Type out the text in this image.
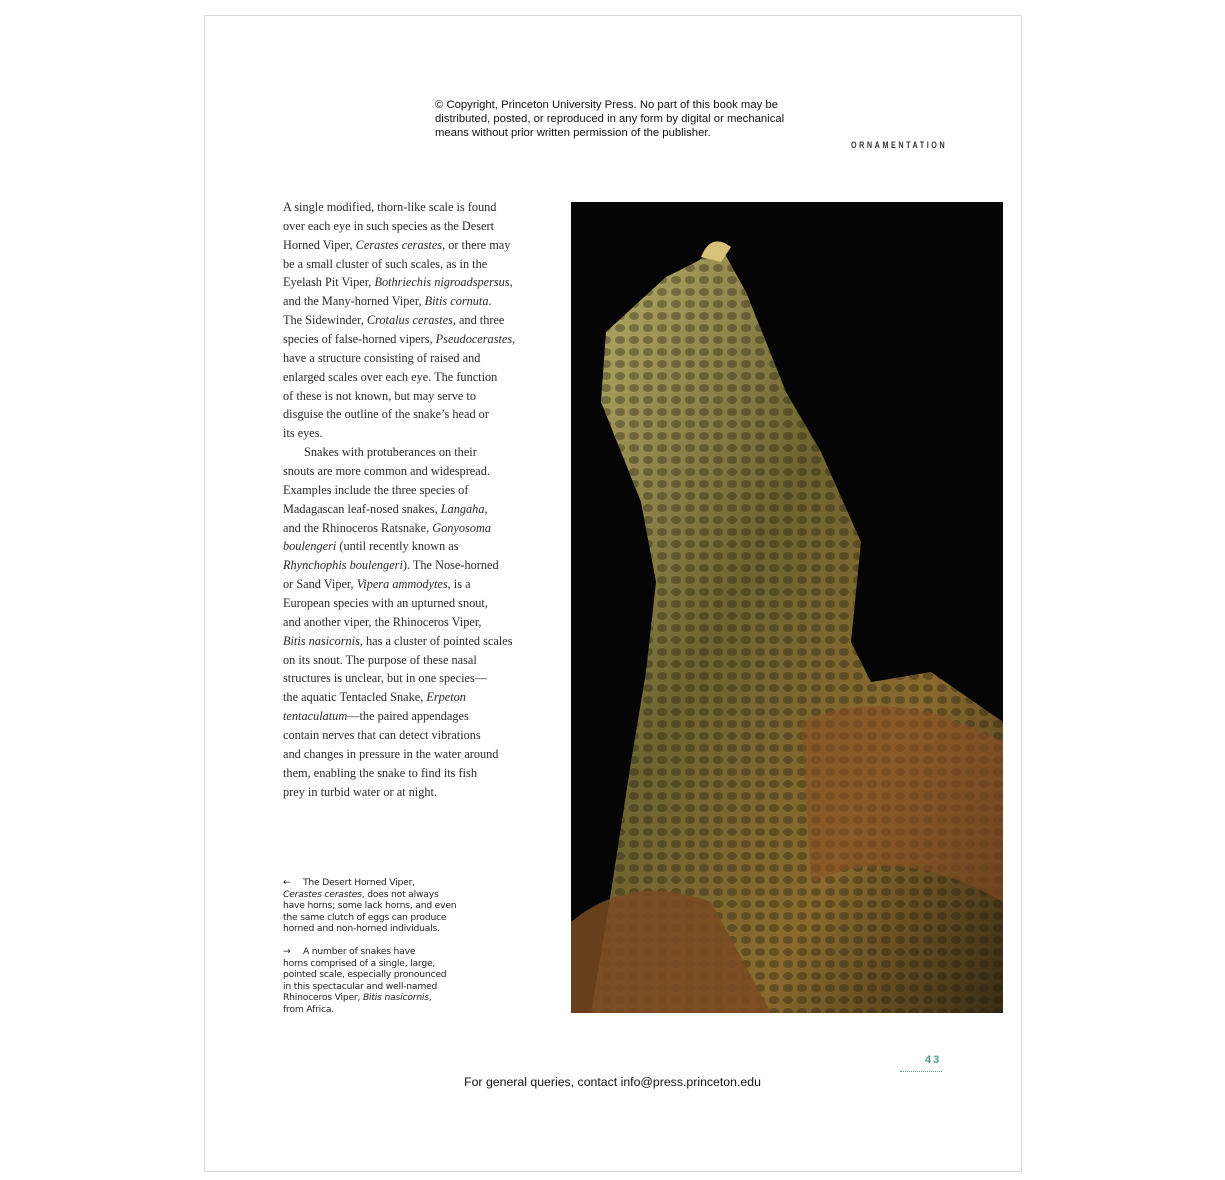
© Copyright, Princeton University Press. No part of this book may be
distributed, posted, or reproduced in any form by digital or mechanical
means without prior written permission of the publisher.
ORNAMENTATION
A single modified, thorn-like scale is found
over each eye in such species as the Desert
Horned Viper, Cerastes cerastes, or there may
be a small cluster of such scales, as in the
Eyelash Pit Viper, Bothriechis nigroadspersus,
and the Many-horned Viper, Bitis cornuta.
The Sidewinder, Crotalus cerastes, and three
species of false-horned vipers, Pseudocerastes,
have a structure consisting of raised and
enlarged scales over each eye. The function
of these is not known, but may serve to
disguise the outline of the snake’s head or
its eyes.
Snakes with protuberances on their
snouts are more common and widespread.
Examples include the three species of
Madagascan leaf-nosed snakes, Langaha,
and the Rhinoceros Ratsnake, Gonyosoma
boulengeri (until recently known as
Rhynchophis boulengeri). The Nose-horned
or Sand Viper, Vipera ammodytes, is a
European species with an upturned snout,
and another viper, the Rhinoceros Viper,
Bitis nasicornis, has a cluster of pointed scales
on its snout. The purpose of these nasal
structures is unclear, but in one species—
the aquatic Tentacled Snake, Erpeton
tentaculatum—the paired appendages
contain nerves that can detect vibrations
and changes in pressure in the water around
them, enabling the snake to find its fish
prey in turbid water or at night.
← The Desert Horned Viper,
Cerastes cerastes, does not always
have horns; some lack horns, and even
the same clutch of eggs can produce
horned and non-horned individuals.
→ A number of snakes have
horns comprised of a single, large,
pointed scale, especially pronounced
in this spectacular and well-named
Rhinoceros Viper, Bitis nasicornis,
from Africa.
43
For general queries, contact info@press.princeton.edu
